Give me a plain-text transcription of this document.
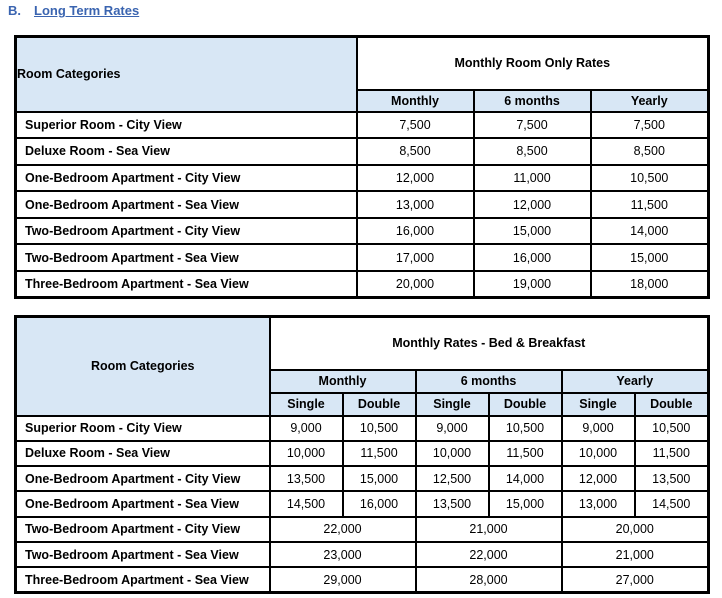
B. Long Term Rates
Room Categories	Monthly Room Only Rates		
	Monthly	6 months	Yearly
Superior Room - City View	7,500	7,500	7,500
Deluxe Room - Sea View	8,500	8,500	8,500
One-Bedroom Apartment - City View	12,000	11,000	10,500
One-Bedroom Apartment - Sea View	13,000	12,000	11,500
Two-Bedroom Apartment - City View	16,000	15,000	14,000
Two-Bedroom Apartment - Sea View	17,000	16,000	15,000
Three-Bedroom Apartment - Sea View	20,000	19,000	18,000
Room Categories	Monthly Rates - Bed & Breakfast					
	Monthly		6 months		Yearly	
	Single	Double	Single	Double	Single	Double
Superior Room - City View	9,000	10,500	9,000	10,500	9,000	10,500
Deluxe Room - Sea View	10,000	11,500	10,000	11,500	10,000	11,500
One-Bedroom Apartment - City View	13,500	15,000	12,500	14,000	12,000	13,500
One-Bedroom Apartment - Sea View	14,500	16,000	13,500	15,000	13,000	14,500
Two-Bedroom Apartment - City View	22,000		21,000		20,000	
Two-Bedroom Apartment - Sea View	23,000		22,000		21,000	
Three-Bedroom Apartment - Sea View	29,000		28,000		27,000	
